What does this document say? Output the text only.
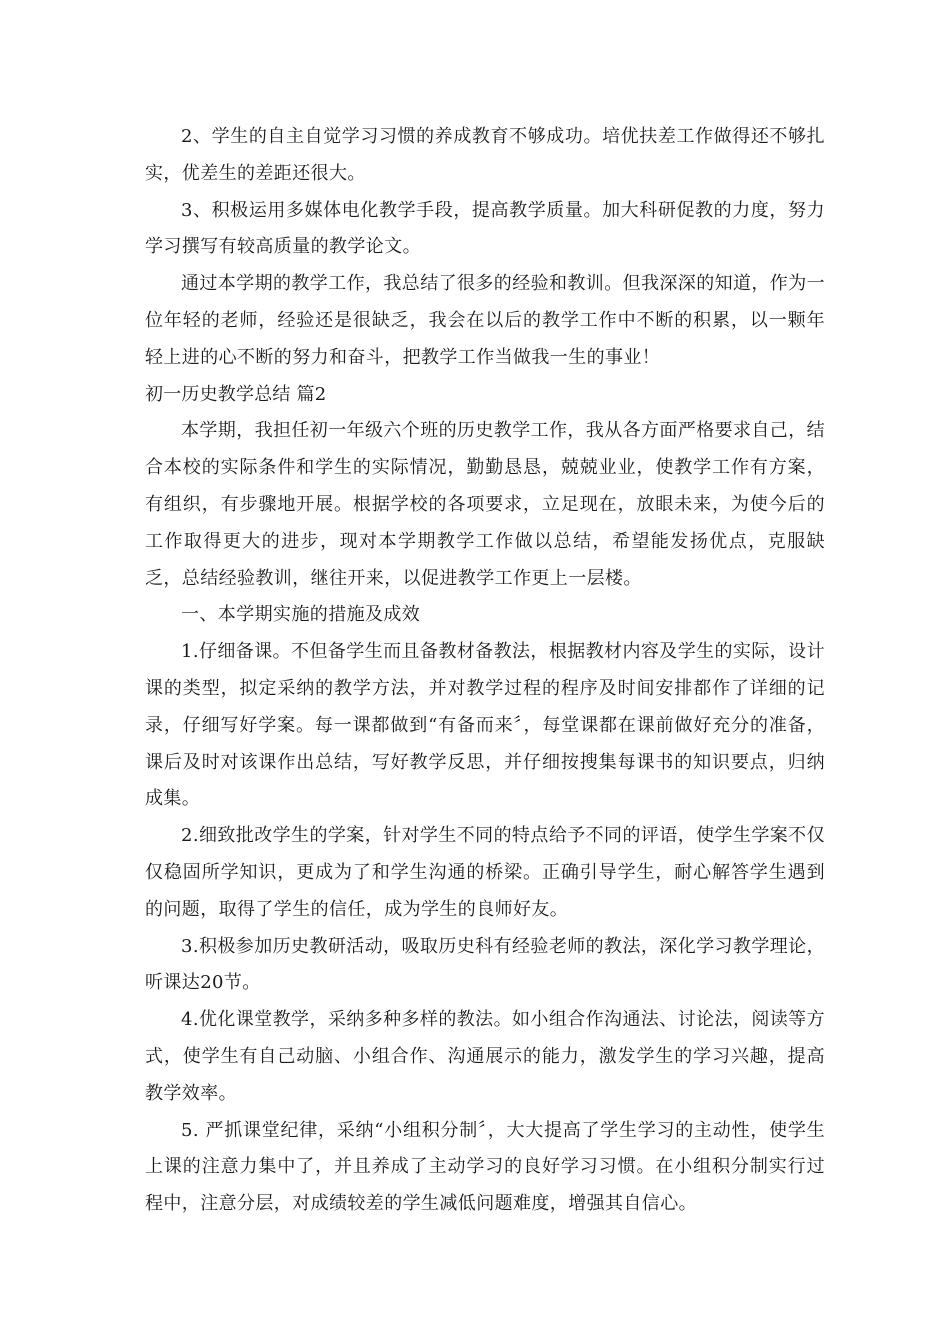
2、学生的自主自觉学习习惯的养成教育不够成功。培优扶差工作做得还不够扎实，优差生的差距还很大。

3、积极运用多媒体电化教学手段，提高教学质量。加大科研促教的力度，努力学习撰写有较高质量的教学论文。

通过本学期的教学工作，我总结了很多的经验和教训。但我深深的知道，作为一位年轻的老师，经验还是很缺乏，我会在以后的教学工作中不断的积累，以一颗年轻上进的心不断的努力和奋斗，把教学工作当做我一生的事业！

初一历史教学总结 篇2

本学期，我担任初一年级六个班的历史教学工作，我从各方面严格要求自己，结合本校的实际条件和学生的实际情况，勤勤恳恳，兢兢业业，使教学工作有方案，有组织，有步骤地开展。根据学校的各项要求，立足现在，放眼未来，为使今后的工作取得更大的进步，现对本学期教学工作做以总结，希望能发扬优点，克服缺乏，总结经验教训，继往开来，以促进教学工作更上一层楼。

一、本学期实施的措施及成效

1.仔细备课。不但备学生而且备教材备教法，根据教材内容及学生的实际，设计课的类型，拟定采纳的教学方法，并对教学过程的程序及时间安排都作了详细的记录，仔细写好学案。每一课都做到“有备而来〞，每堂课都在课前做好充分的准备，课后及时对该课作出总结，写好教学反思，并仔细按搜集每课书的知识要点，归纳成集。

2.细致批改学生的学案，针对学生不同的特点给予不同的评语，使学生学案不仅仅稳固所学知识，更成为了和学生沟通的桥梁。正确引导学生，耐心解答学生遇到的问题，取得了学生的信任，成为学生的良师好友。

3.积极参加历史教研活动，吸取历史科有经验老师的教法，深化学习教学理论，听课达20节。

4.优化课堂教学，采纳多种多样的教法。如小组合作沟通法、讨论法，阅读等方式，使学生有自己动脑、小组合作、沟通展示的能力，激发学生的学习兴趣，提高教学效率。

5. 严抓课堂纪律，采纳“小组积分制〞，大大提高了学生学习的主动性，使学生上课的注意力集中了，并且养成了主动学习的良好学习习惯。在小组积分制实行过程中，注意分层，对成绩较差的学生减低问题难度，增强其自信心。
